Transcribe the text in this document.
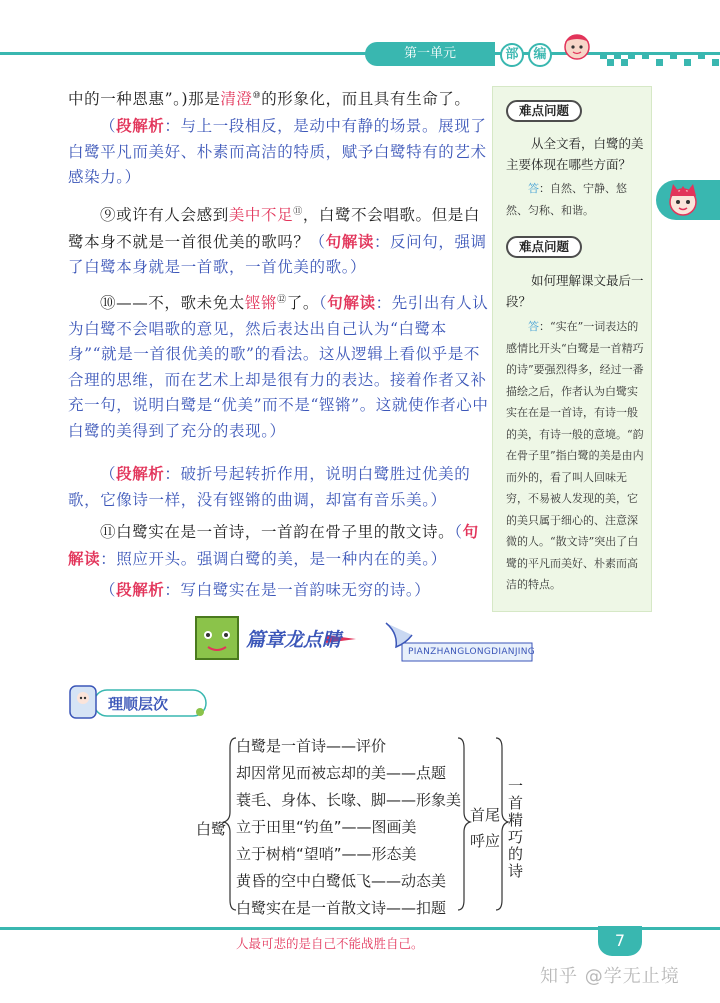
第一单元	部	编
中的一种恩惠”。)那是清澄⑩的形象化，而且具有生命了。
（段解析：与上一段相反，是动中有静的场景。展现了白鹭平凡而美好、朴素而高洁的特质，赋予白鹭特有的艺术感染力。）
⑨或许有人会感到美中不足⑪，白鹭不会唱歌。但是白鹭本身不就是一首很优美的歌吗？（句解读：反问句，强调了白鹭本身就是一首歌，一首优美的歌。）
⑩——不，歌未免太铿锵⑫了。（句解读：先引出有人认为白鹭不会唱歌的意见，然后表达出自己认为“白鹭本身”“就是一首很优美的歌”的看法。这从逻辑上看似乎是不合理的思维，而在艺术上却是很有力的表达。接着作者又补充一句，说明白鹭是“优美”而不是“铿锵”。这就使作者心中白鹭的美得到了充分的表现。）
（段解析：破折号起转折作用，说明白鹭胜过优美的歌，它像诗一样，没有铿锵的曲调，却富有音乐美。）
⑪白鹭实在是一首诗，一首韵在骨子里的散文诗。（句解读：照应开头。强调白鹭的美，是一种内在的美。）
（段解析：写白鹭实在是一首韵味无穷的诗。）
难点问题
从全文看，白鹭的美主要体现在哪些方面？
答：自然、宁静、悠然、匀称、和谐。
难点问题
如何理解课文最后一段？
答：“实在”一词表达的感情比开头“白鹭是一首精巧的诗”要强烈得多，经过一番描绘之后，作者认为白鹭实实在在是一首诗，有诗一般的美，有诗一般的意境。“韵在骨子里”指白鹭的美是由内而外的，看了叫人回味无穷，不易被人发现的美，它的美只属于细心的、注意深微的人。“散文诗”突出了白鹭的平凡而美好、朴素而高洁的特点。
篇章龙点睛
PIANZHANGLONGDIANJING
理顺层次
白鹭
白鹭是一首诗——评价
却因常见而被忘却的美——点题
蓑毛、身体、长喙、脚——形象美
立于田里“钓鱼”——图画美
立于树梢“望哨”——形态美
黄昏的空中白鹭低飞——动态美
白鹭实在是一首散文诗——扣题
首尾
呼应
一首精巧的诗
人最可悲的是自己不能战胜自己。	7
知乎 @学无止境
